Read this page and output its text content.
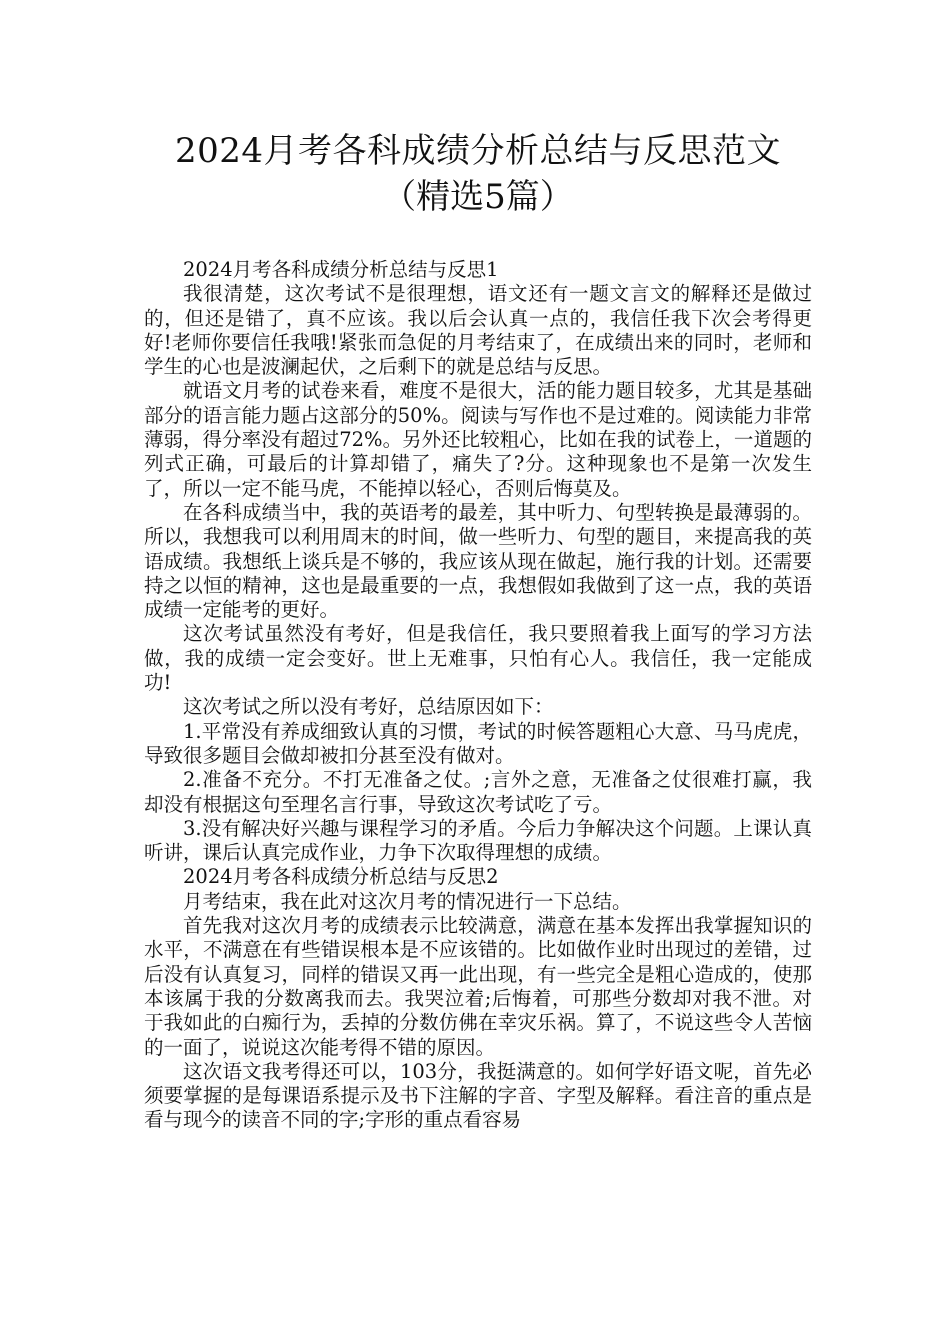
2024月考各科成绩分析总结与反思范文
（精选5篇）

2024月考各科成绩分析总结与反思1

我很清楚，这次考试不是很理想，语文还有一题文言文的解释还是做过的，但还是错了，真不应该。我以后会认真一点的，我信任我下次会考得更好!老师你要信任我哦!紧张而急促的月考结束了，在成绩出来的同时，老师和学生的心也是波澜起伏，之后剩下的就是总结与反思。

就语文月考的试卷来看，难度不是很大，活的能力题目较多，尤其是基础部分的语言能力题占这部分的50%。阅读与写作也不是过难的。阅读能力非常薄弱，得分率没有超过72%。另外还比较粗心，比如在我的试卷上，一道题的列式正确，可最后的计算却错了，痛失了?分。这种现象也不是第一次发生了，所以一定不能马虎，不能掉以轻心，否则后悔莫及。

在各科成绩当中，我的英语考的最差，其中听力、句型转换是最薄弱的。所以，我想我可以利用周末的时间，做一些听力、句型的题目，来提高我的英语成绩。我想纸上谈兵是不够的，我应该从现在做起，施行我的计划。还需要持之以恒的精神，这也是最重要的一点，我想假如我做到了这一点，我的英语成绩一定能考的更好。

这次考试虽然没有考好，但是我信任，我只要照着我上面写的学习方法做，我的成绩一定会变好。世上无难事，只怕有心人。我信任，我一定能成功!

这次考试之所以没有考好，总结原因如下：

1.平常没有养成细致认真的习惯，考试的时候答题粗心大意、马马虎虎，导致很多题目会做却被扣分甚至没有做对。

2.准备不充分。不打无准备之仗。;言外之意，无准备之仗很难打赢，我却没有根据这句至理名言行事，导致这次考试吃了亏。

3.没有解决好兴趣与课程学习的矛盾。今后力争解决这个问题。上课认真听讲，课后认真完成作业，力争下次取得理想的成绩。

2024月考各科成绩分析总结与反思2

月考结束，我在此对这次月考的情况进行一下总结。

首先我对这次月考的成绩表示比较满意，满意在基本发挥出我掌握知识的水平，不满意在有些错误根本是不应该错的。比如做作业时出现过的差错，过后没有认真复习，同样的错误又再一此出现，有一些完全是粗心造成的，使那本该属于我的分数离我而去。我哭泣着;后悔着，可那些分数却对我不泄。对于我如此的白痴行为，丢掉的分数仿佛在幸灾乐祸。算了，不说这些令人苦恼的一面了，说说这次能考得不错的原因。

这次语文我考得还可以，103分，我挺满意的。如何学好语文呢，首先必须要掌握的是每课语系提示及书下注解的字音、字型及解释。看注音的重点是看与现今的读音不同的字;字形的重点看容易
